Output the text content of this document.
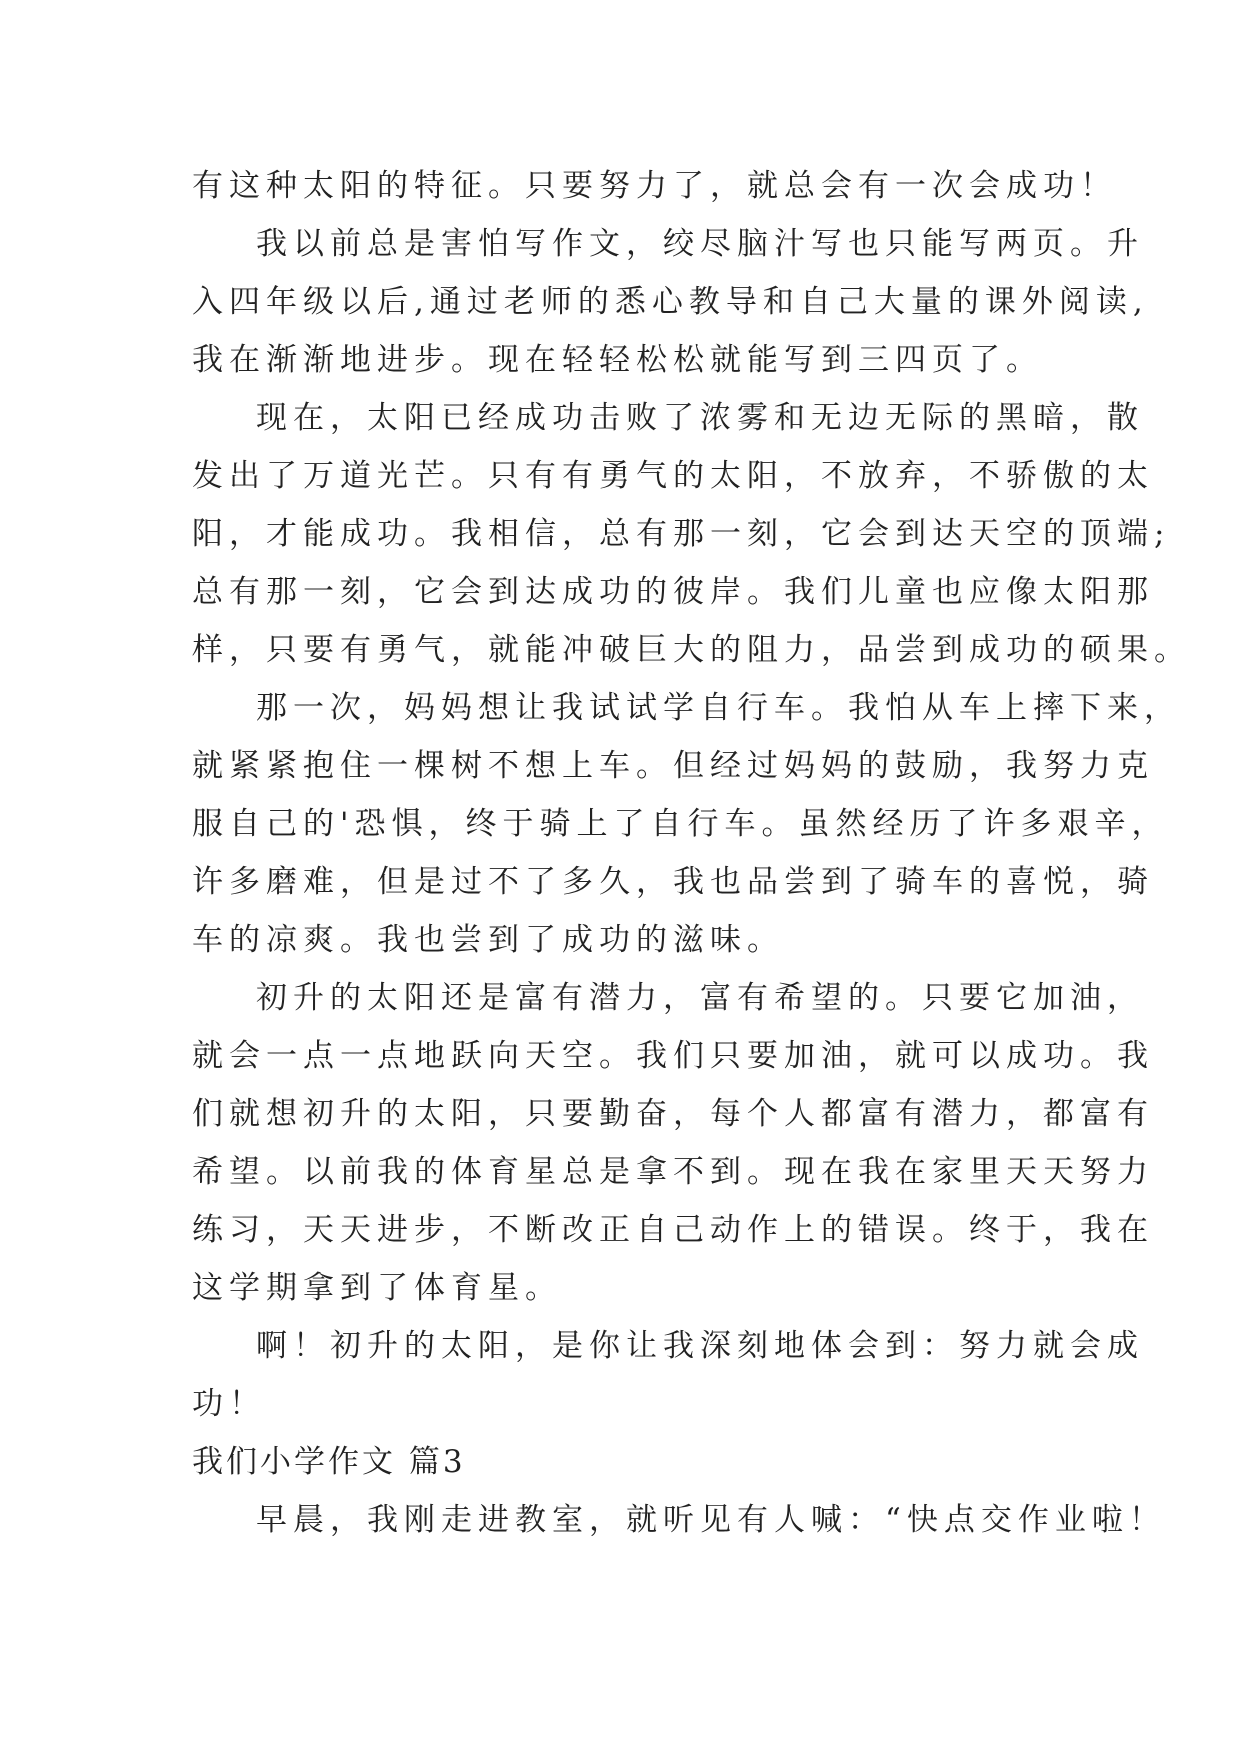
有这种太阳的特征。只要努力了，就总会有一次会成功！
我以前总是害怕写作文，绞尽脑汁写也只能写两页。升
入四年级以后,通过老师的悉心教导和自己大量的课外阅读,
我在渐渐地进步。现在轻轻松松就能写到三四页了。
现在，太阳已经成功击败了浓雾和无边无际的黑暗，散
发出了万道光芒。只有有勇气的太阳，不放弃，不骄傲的太
阳，才能成功。我相信，总有那一刻，它会到达天空的顶端;
总有那一刻，它会到达成功的彼岸。我们儿童也应像太阳那
样，只要有勇气，就能冲破巨大的阻力，品尝到成功的硕果。
那一次，妈妈想让我试试学自行车。我怕从车上摔下来，
就紧紧抱住一棵树不想上车。但经过妈妈的鼓励，我努力克
服自己的'恐惧，终于骑上了自行车。虽然经历了许多艰辛，
许多磨难，但是过不了多久，我也品尝到了骑车的喜悦，骑
车的凉爽。我也尝到了成功的滋味。
初升的太阳还是富有潜力，富有希望的。只要它加油，
就会一点一点地跃向天空。我们只要加油，就可以成功。我
们就想初升的太阳，只要勤奋，每个人都富有潜力，都富有
希望。以前我的体育星总是拿不到。现在我在家里天天努力
练习，天天进步，不断改正自己动作上的错误。终于，我在
这学期拿到了体育星。
啊！初升的太阳，是你让我深刻地体会到：努力就会成
功！
我们小学作文 篇3
早晨，我刚走进教室，就听见有人喊：“快点交作业啦！
